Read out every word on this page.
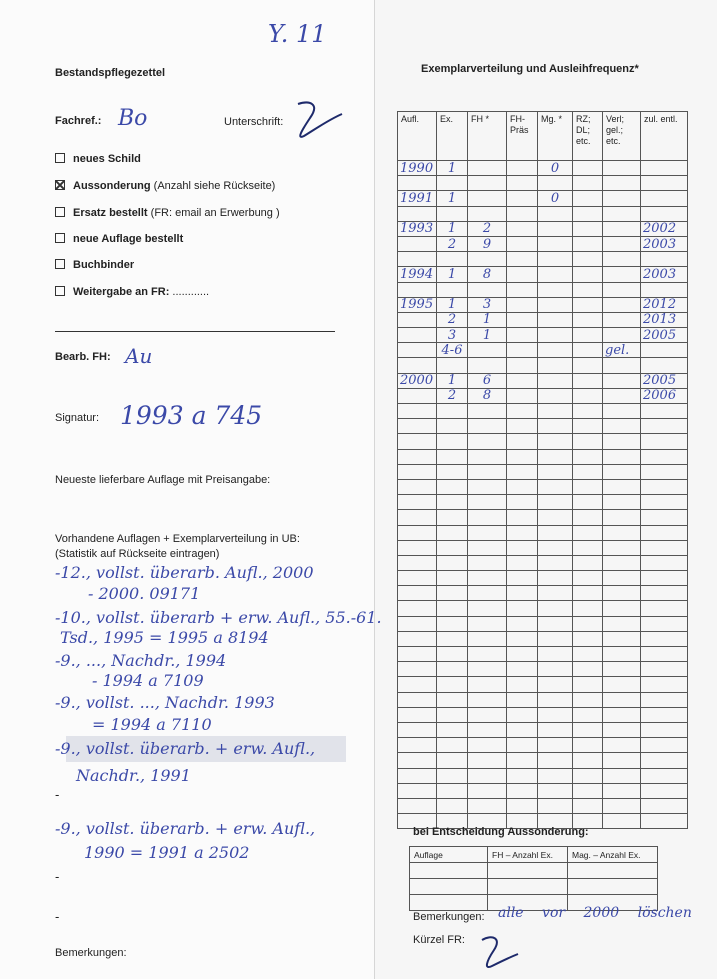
Y. 11
Bestandspflegezettel
Fachref.: Bo	Unterschrift:
neues Schild
Aussonderung (Anzahl siehe Rückseite)
Ersatz bestellt (FR: email an Erwerbung )
neue Auflage bestellt
Buchbinder
Weitergabe an FR: ............
Bearb. FH: Au
Signatur: 1993 a 745
Neueste lieferbare Auflage mit Preisangabe:
Vorhandene Auflagen + Exemplarverteilung in UB:
(Statistik auf Rückseite eintragen)
-12., vollst. überarb. Aufl., 2000
- 2000. 09171
-10., vollst. überarb + erw. Aufl., 55.-61.
Tsd., 1995 = 1995 a 8194
-9., ..., Nachdr., 1994
- 1994 a 7109
-9., vollst. ..., Nachdr. 1993
= 1994 a 7110
-9., vollst. überarb. + erw. Aufl.,
Nachdr., 1991
-
-9., vollst. überarb. + erw. Aufl.,
1990 = 1991 a 2502
-
-
Bemerkungen:
Exemplarverteilung und Ausleihfrequenz*
Aufl.	Ex.	FH *	FH-Präs	Mg. *	RZ; DL; etc.	Verl; gel.; etc.	zul. entl.
1990	1			0			

1991	1			0			

1993	1	2					2002
	2	9					2003

1994	1	8					2003

1995	1	3					2012
	2	1					2013
	3	1					2005
	4-6					gel.	

2000	1	6					2005
	2	8					2006

bei Entscheidung Aussonderung:
Auflage	FH – Anzahl Ex.	Mag. – Anzahl Ex.

Bemerkungen: alle vor 2000 löschen
Kürzel FR:
